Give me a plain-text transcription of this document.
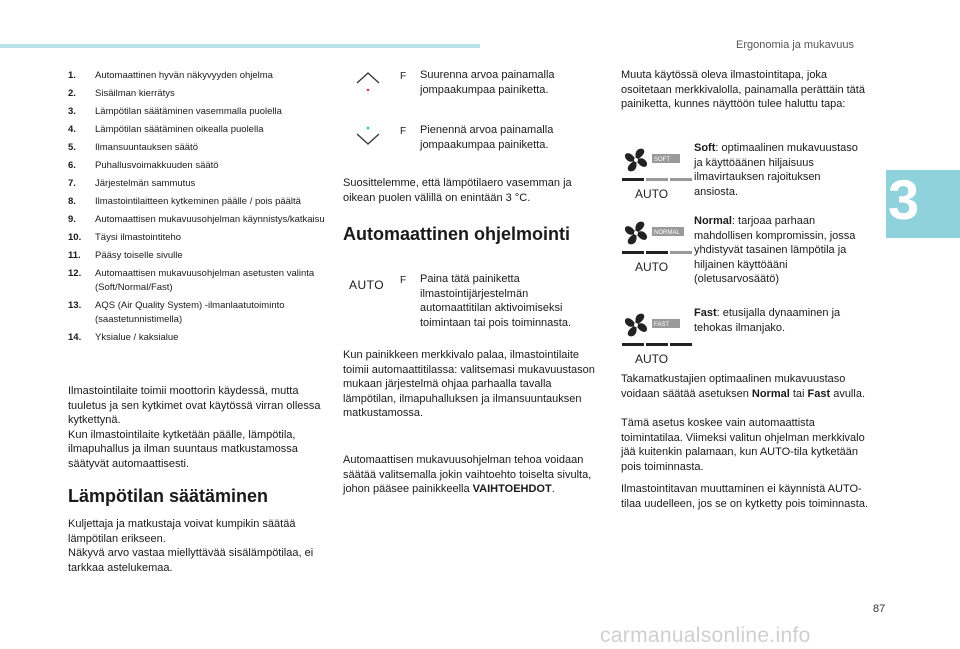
Ergonomia ja mukavuus
3
1.	Automaattinen hyvän näkyvyyden ohjelma
2.	Sisäilman kierrätys
3.	Lämpötilan säätäminen vasemmalla puolella
4.	Lämpötilan säätäminen oikealla puolella
5.	Ilmansuuntauksen säätö
6.	Puhallusvoimakkuuden säätö
7.	Järjestelmän sammutus
8.	Ilmastointilaitteen kytkeminen päälle / pois päältä
9.	Automaattisen mukavuusohjelman käynnistys/katkaisu
10.	Täysi ilmastointiteho
11.	Pääsy toiselle sivulle
12.	Automaattisen mukavuusohjelman asetusten valinta (Soft/Normal/Fast)
13.	AQS (Air Quality System) -ilmanlaatutoiminto (saastetunnistimella)
14.	Yksialue / kaksialue

Ilmastointilaite toimii moottorin käydessä, mutta tuuletus ja sen kytkimet ovat käytössä virran ollessa kytkettynä.

Kun ilmastointilaite kytketään päälle, lämpötila, ilmapuhallus ja ilman suuntaus matkustamossa säätyvät automaattisesti.

Lämpötilan säätäminen

Kuljettaja ja matkustaja voivat kumpikin säätää lämpötilan erikseen.

Näkyvä arvo vastaa miellyttävää sisälämpötilaa, ei tarkkaa astelukemaa.

F Suurenna arvoa painamalla jompaakumpaa painiketta.
F Pienennä arvoa painamalla jompaakumpaa painiketta.

Suosittelemme, että lämpötilaero vasemman ja oikean puolen välillä on enintään 3 °C.

Automaattinen ohjelmointi
AUTO F Paina tätä painiketta ilmastointijärjestelmän automaattitilan aktivoimiseksi toimintaan tai pois toiminnasta.

Kun painikkeen merkkivalo palaa, ilmastointilaite toimii automaattitilassa: valitsemasi mukavuustason mukaan järjestelmä ohjaa parhaalla tavalla lämpötilan, ilmapuhalluksen ja ilmansuuntauksen matkustamossa.

Automaattisen mukavuusohjelman tehoa voidaan säätää valitsemalla jokin vaihtoehto toiselta sivulta, johon pääsee painikkeella VAIHTOEHDOT.

Muuta käytössä oleva ilmastointitapa, joka osoitetaan merkkivalolla, painamalla perättäin tätä painiketta, kunnes näyttöön tulee haluttu tapa:

SOFT
AUTO
Soft: optimaalinen mukavuustaso ja käyttöäänen hiljaisuus ilmavirtauksen rajoituksen ansiosta.
NORMAL
AUTO
Normal: tarjoaa parhaan mahdollisen kompromissin, jossa yhdistyvät tasainen lämpötila ja hiljainen käyttöääni (oletusarvosäätö)
FAST
AUTO
Fast: etusijalla dynaaminen ja tehokas ilmanjako.

Takamatkustajien optimaalinen mukavuustaso voidaan säätää asetuksen Normal tai Fast avulla.

Tämä asetus koskee vain automaattista toimintatilaa. Viimeksi valitun ohjelman merkkivalo jää kuitenkin palamaan, kun AUTO-tila kytketään pois toiminnasta.

Ilmastointitavan muuttaminen ei käynnistä AUTO-tilaa uudelleen, jos se on kytketty pois toiminnasta.

87
carmanualsonline.info
